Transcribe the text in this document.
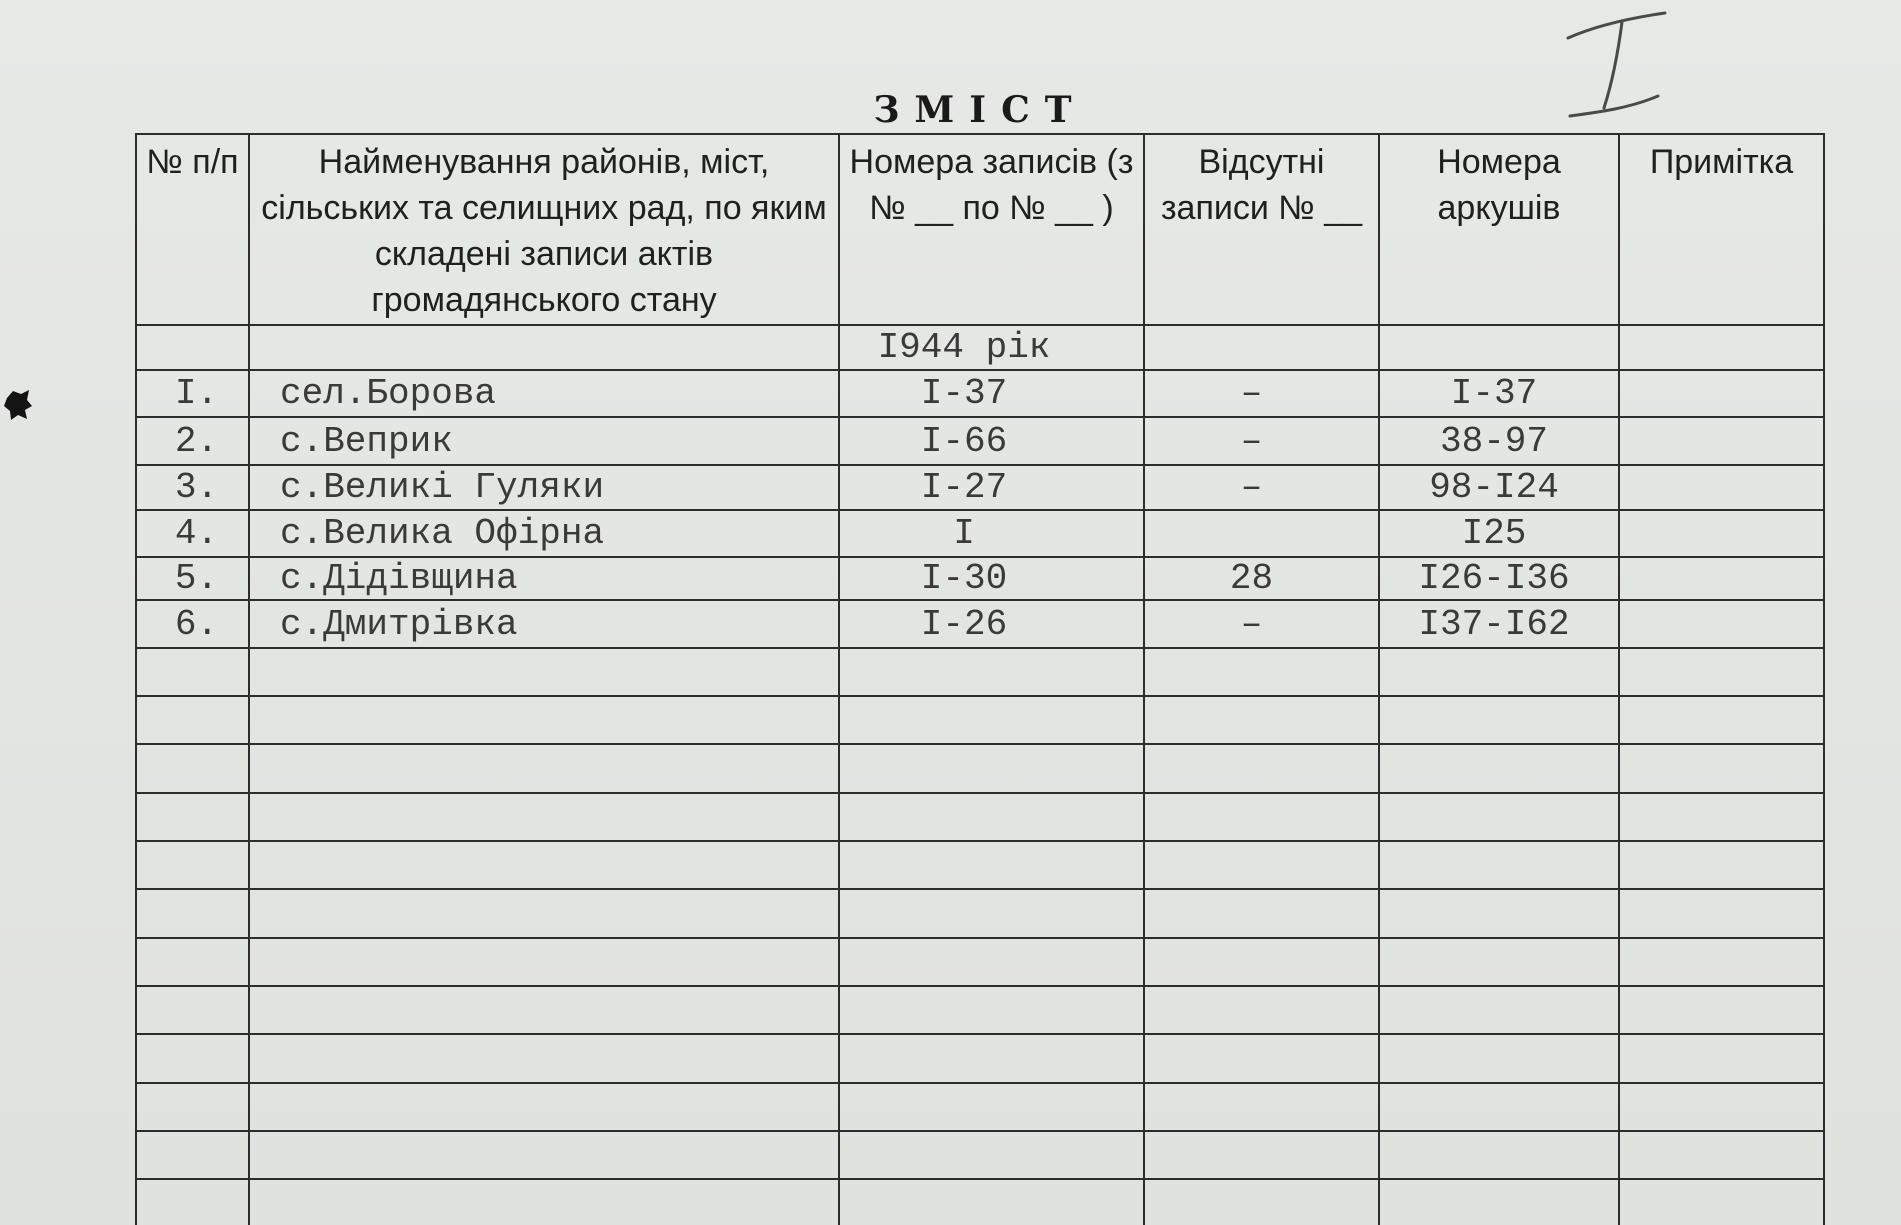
ЗМІСТ
№ п/п	Найменування районів, міст, сільських та селищних рад, по яким складені записи актів громадянського стану	Номера записів (з № __ по № __ )	Відсутні записи № __	Номера аркушів	Примітка
		I944 рік			
I.	сел.Борова	I-37	–	I-37	
2.	с.Веприк	I-66	–	38-97	
3.	с.Великі Гуляки	I-27	–	98-I24	
4.	с.Велика Офірна	I		I25	
5.	с.Дідівщина	I-30	28	I26-I36	
6.	с.Дмитрівка	I-26	–	I37-I62	
